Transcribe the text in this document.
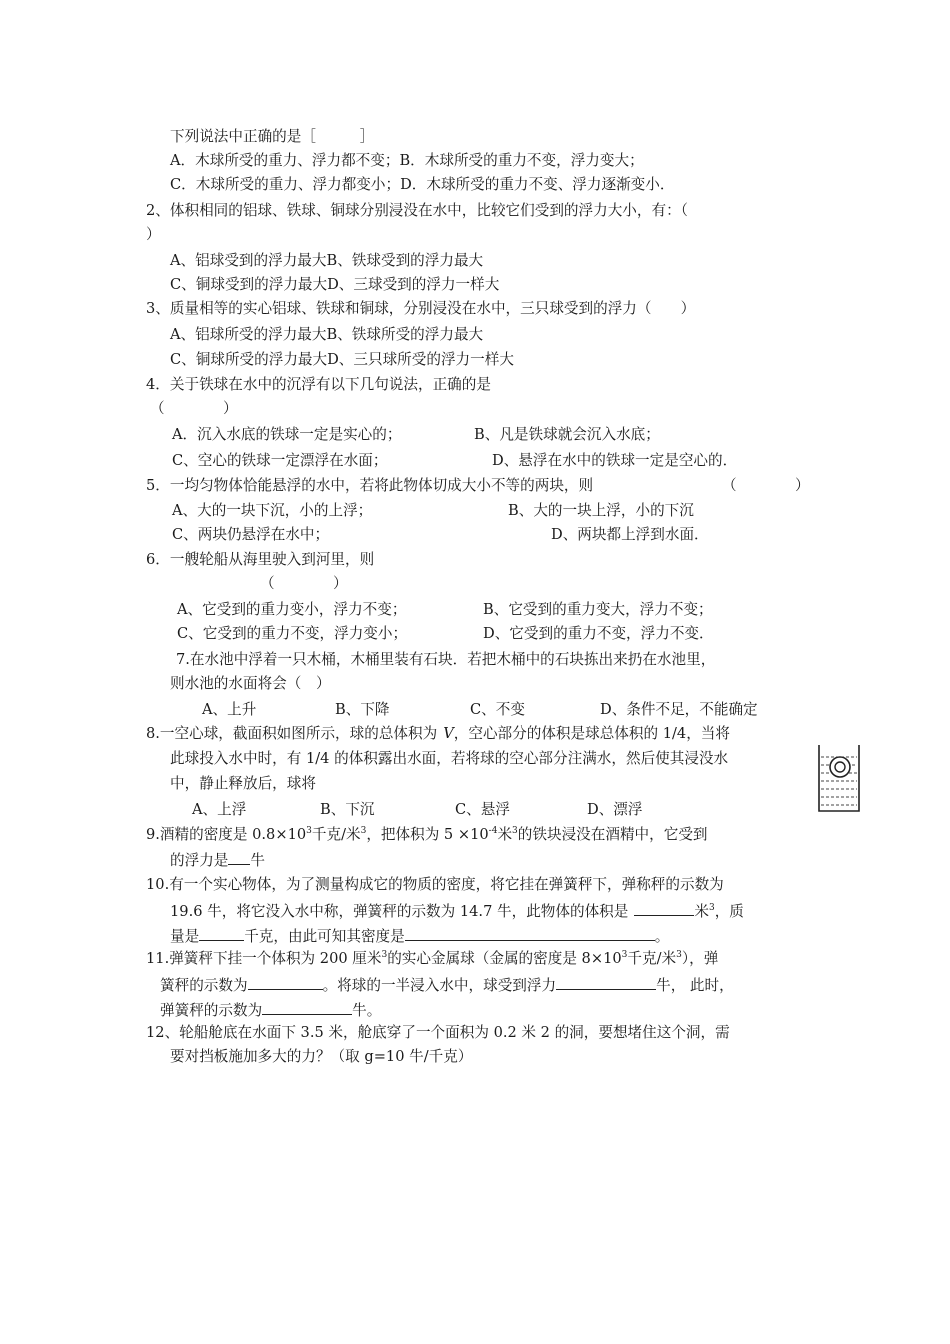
下列说法中正确的是［　　　］
A．木球所受的重力、浮力都不变；B．木球所受的重力不变，浮力变大；
C．木球所受的重力、浮力都变小；D．木球所受的重力不变、浮力逐渐变小．
2、体积相同的铝球、铁球、铜球分别浸没在水中，比较它们受到的浮力大小，有：（
）
A、铝球受到的浮力最大B、铁球受到的浮力最大
C、铜球受到的浮力最大D、三球受到的浮力一样大
3、质量相等的实心铝球、铁球和铜球，分别浸没在水中，三只球受到的浮力（　　）
A、铝球所受的浮力最大B、铁球所受的浮力最大
C、铜球所受的浮力最大D、三只球所受的浮力一样大
4．关于铁球在水中的沉浮有以下几句说法，正确的是
（　　　　）
A．沉入水底的铁球一定是实心的；	B、凡是铁球就会沉入水底；
C、空心的铁球一定漂浮在水面；	D、悬浮在水中的铁球一定是空心的．
5．一均匀物体恰能悬浮的水中，若将此物体切成大小不等的两块，则	（　　　　）
A、大的一块下沉，小的上浮；	B、大的一块上浮，小的下沉
C、两块仍悬浮在水中；	D、两块都上浮到水面．
6．一艘轮船从海里驶入到河里，则
（　　　　）
A、它受到的重力变小，浮力不变；	B、它受到的重力变大，浮力不变；
C、它受到的重力不变，浮力变小；	D、它受到的重力不变，浮力不变．
7.在水池中浮着一只木桶，木桶里装有石块．若把木桶中的石块拣出来扔在水池里，
则水池的水面将会（　）
A、上升	B、下降	C、不变	D、条件不足，不能确定
8.一空心球，截面积如图所示，球的总体积为 V，空心部分的体积是球总体积的 1/4，当将
此球投入水中时，有 1/4 的体积露出水面，若将球的空心部分注满水，然后使其浸没水
中，静止释放后，球将
A、上浮	B、下沉	C、悬浮	D、漂浮
9.酒精的密度是 $0.8\times 10^3$千克/米$^3$，把体积为 $5 \times 10^{-4}$米$^3$的铁块浸没在酒精中，它受到
的浮力是 牛
10.有一个实心物体，为了测量构成它的物质的密度，将它挂在弹簧秤下，弹称秤的示数为
19.6 牛，将它没入水中称，弹簧秤的示数为 14.7 牛，此物体的体积是	米$^3$，质
量是	千克，由此可知其密度是	。
11.弹簧秤下挂一个体积为 200 厘米$^3$的实心金属球（金属的密度是 $8\times 10^3$千克/米$^3$），弹
簧秤的示数为	。将球的一半浸入水中，球受到浮力	牛， 此时，
弹簧秤的示数为	牛。
12、轮船舱底在水面下 3.5 米，舱底穿了一个面积为 0.2 米 2 的洞，要想堵住这个洞，需
要对挡板施加多大的力？（取 g=10 牛/千克）
